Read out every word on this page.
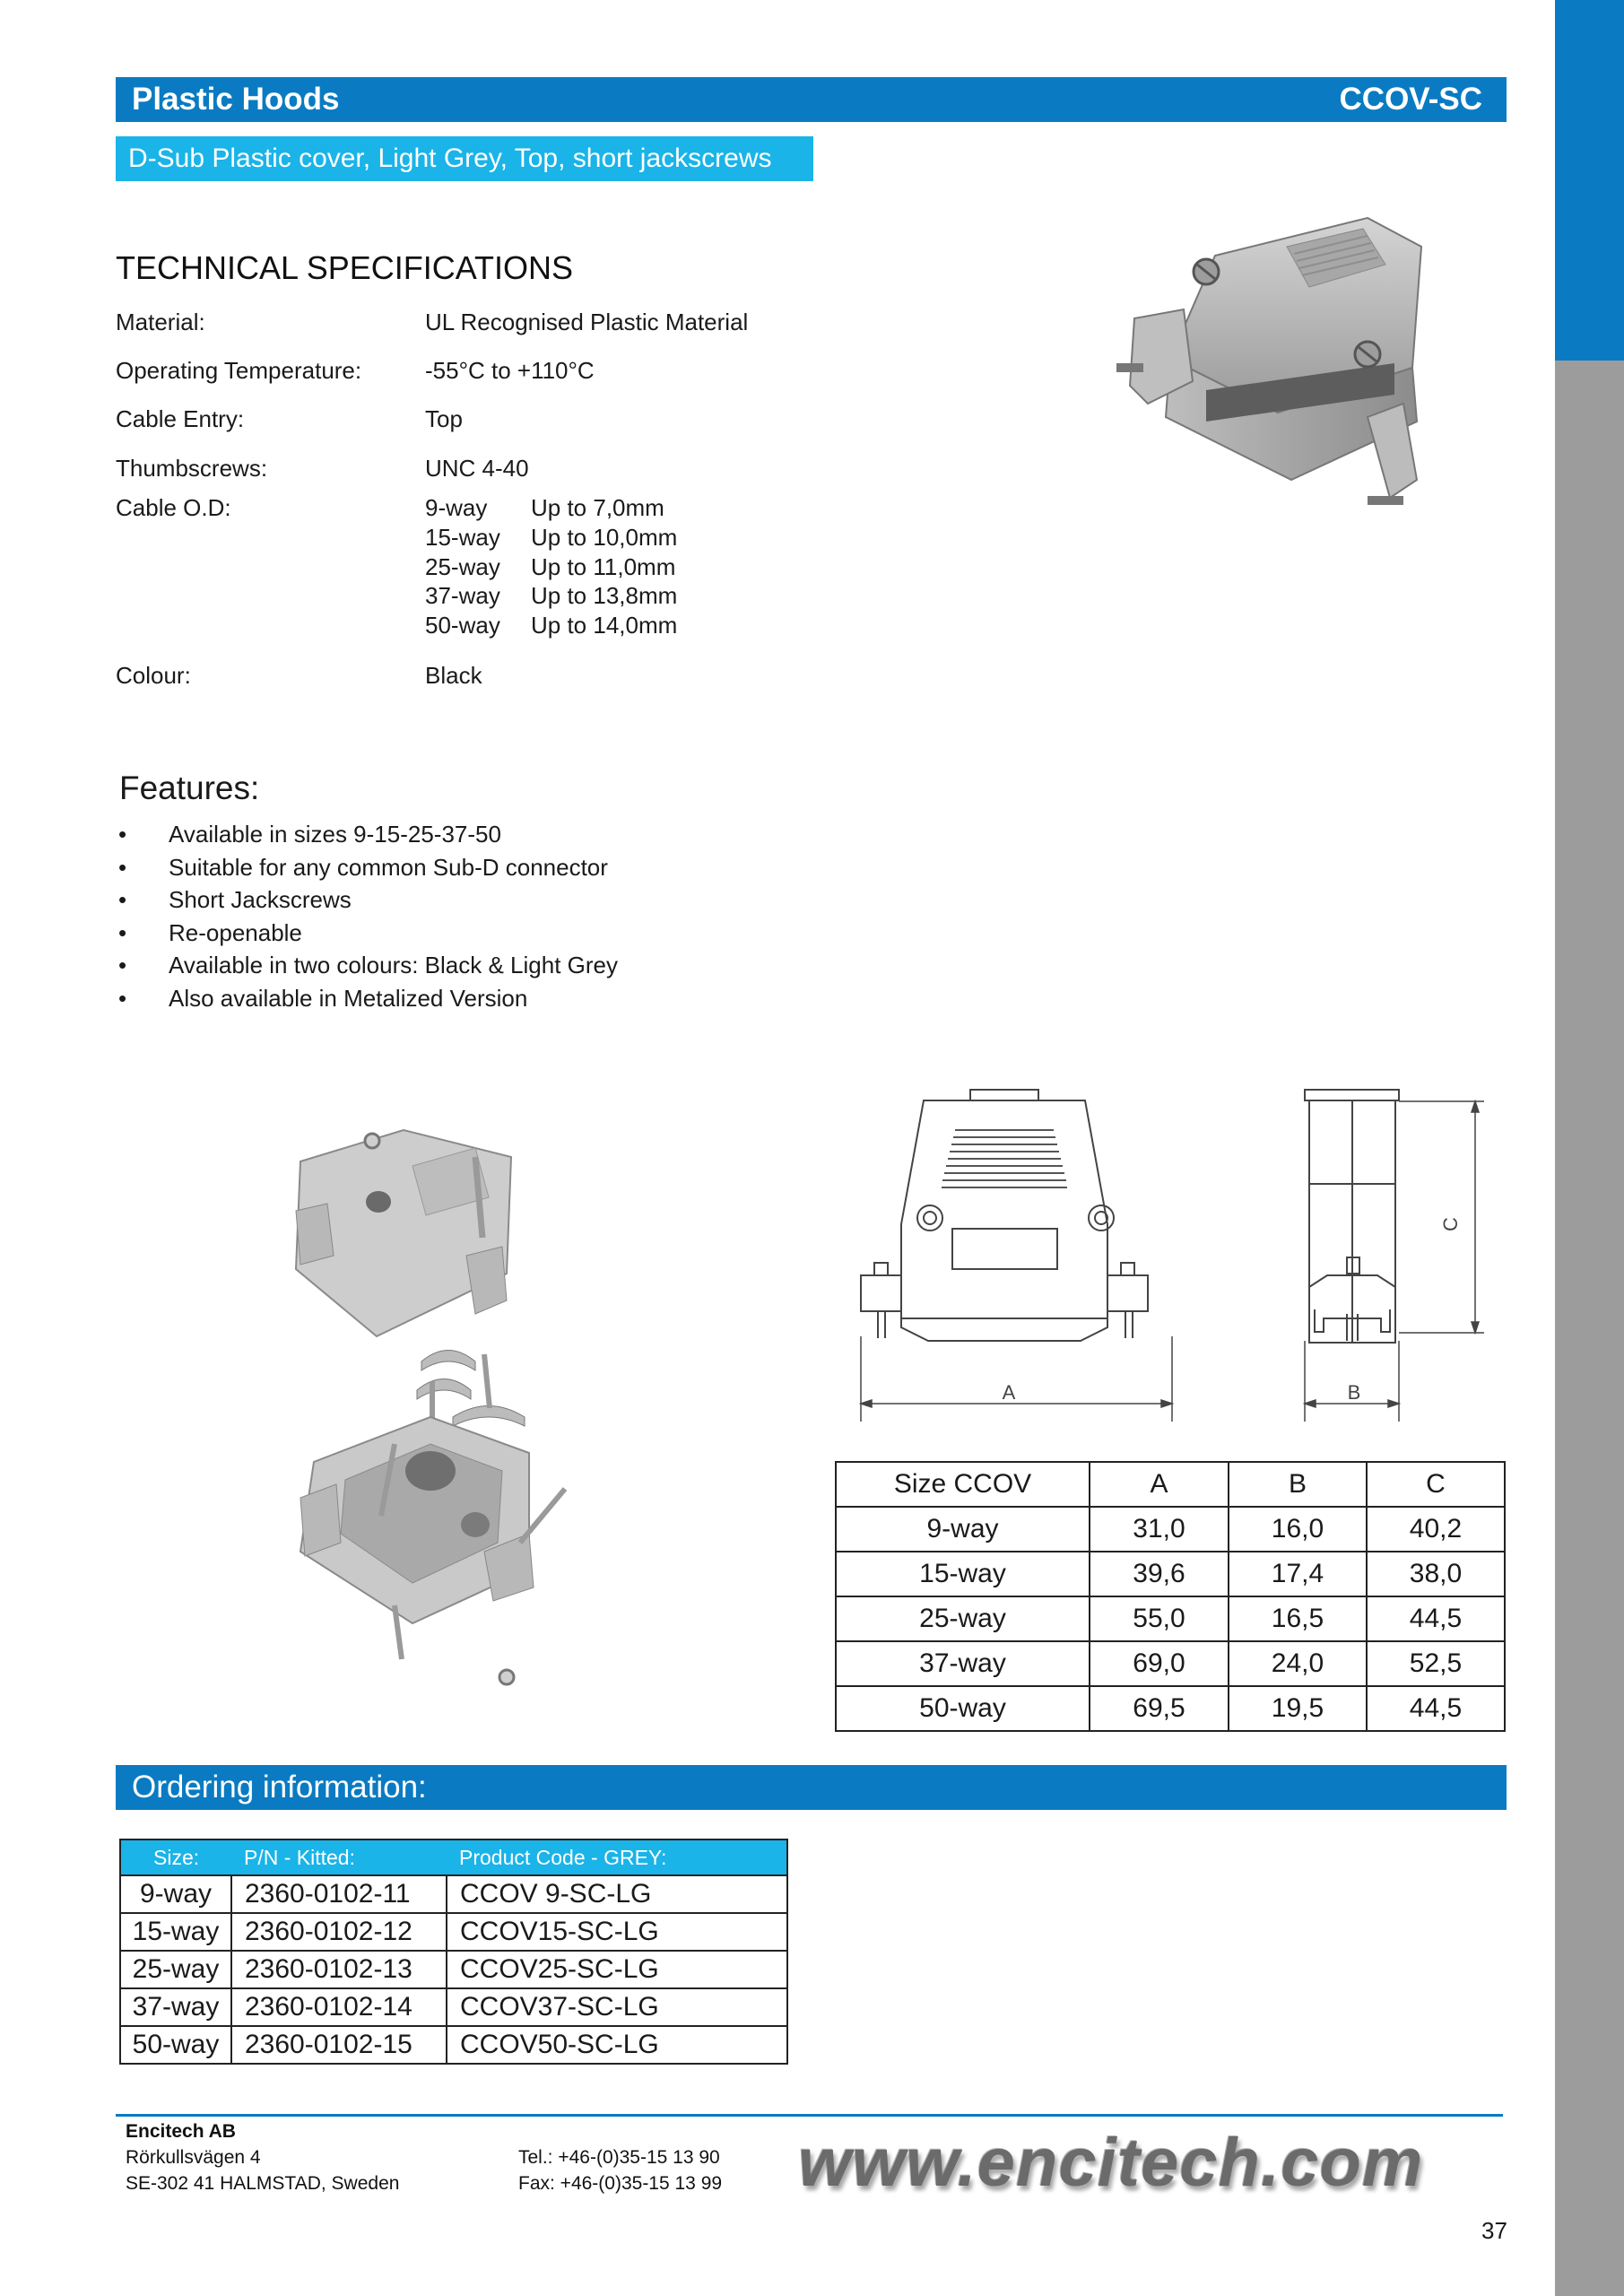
Plastic Hoods	CCOV-SC
D-Sub Plastic cover, Light Grey, Top, short jackscrews
TECHNICAL SPECIFICATIONS
Material:	UL Recognised Plastic Material
Operating Temperature:	-55°C to +110°C
Cable Entry:	Top
Thumbscrews:	UNC 4-40
Cable O.D:	9-way Up to 7,0mm
15-way Up to 10,0mm
25-way Up to 11,0mm
37-way Up to 13,8mm
50-way Up to 14,0mm
Colour:	Black
Features:
• Available in sizes 9-15-25-37-50
• Suitable for any common Sub-D connector
• Short Jackscrews
• Re-openable
• Available in two colours: Black & Light Grey
• Also available in Metalized Version
A	B
C
Size CCOV	A	B	C
9-way	31,0	16,0	40,2
15-way	39,6	17,4	38,0
25-way	55,0	16,5	44,5
37-way	69,0	24,0	52,5
50-way	69,5	19,5	44,5
Ordering information:
Size:	P/N - Kitted:	Product Code - GREY:
9-way	2360-0102-11	CCOV 9-SC-LG
15-way	2360-0102-12	CCOV15-SC-LG
25-way	2360-0102-13	CCOV25-SC-LG
37-way	2360-0102-14	CCOV37-SC-LG
50-way	2360-0102-15	CCOV50-SC-LG
Encitech AB
Rörkullsvägen 4
SE-302 41 HALMSTAD, Sweden
Tel.: +46-(0)35-15 13 90
Fax: +46-(0)35-15 13 99 www.encitech.com
37
